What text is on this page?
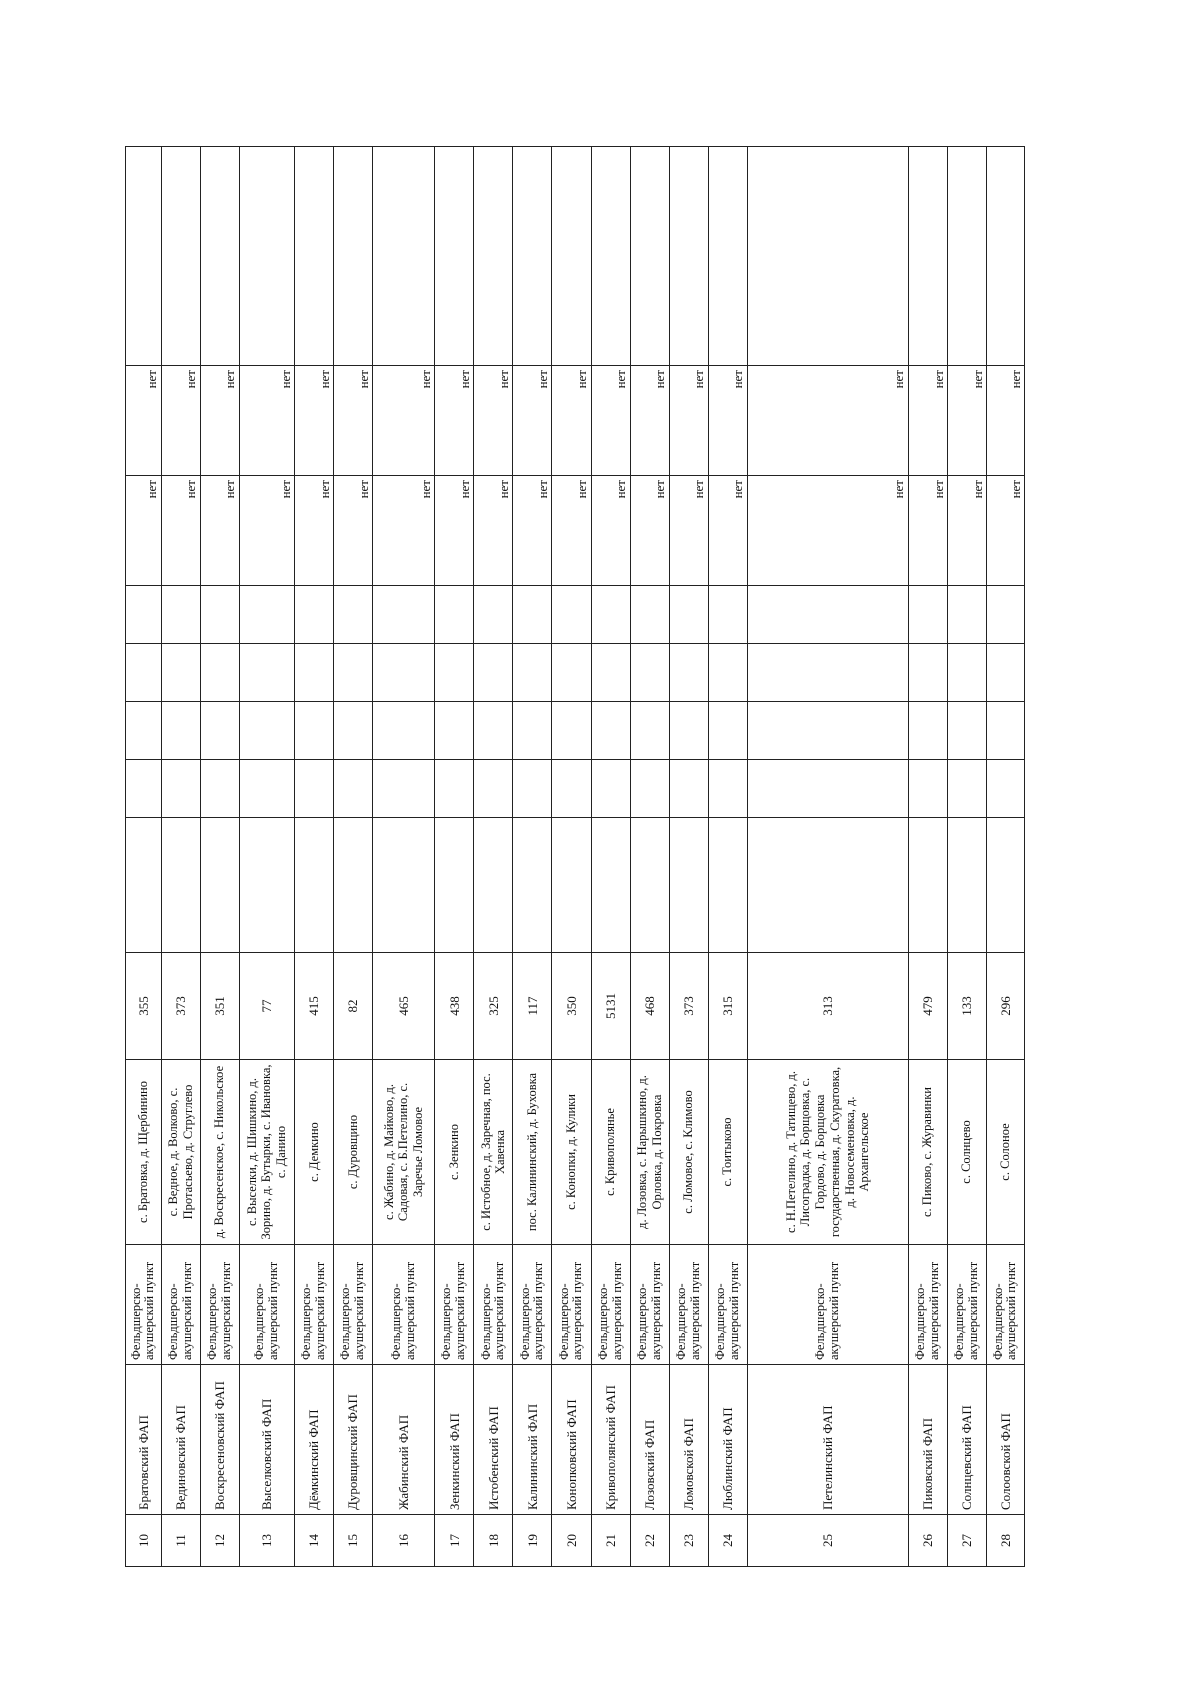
10	Братовский ФАП	Фельдшерско-акушерский пункт	с. Братовка, д. Щербинино	355						нет	нет	
11	Вединовский ФАП	Фельдшерско-акушерский пункт	с. Ведное, д. Волково, с. Протасьево, д. Струглево	373						нет	нет	
12	Воскресеновский ФАП	Фельдшерско-акушерский пункт	д. Воскресенское, с. Никольское	351						нет	нет	
13	Выселковский ФАП	Фельдшерско-акушерский пункт	с. Выселки, д. Шишкино, д. Зорино, д. Бутырки, с. Ивановка, с. Данино	77						нет	нет	
14	Дёмкинский ФАП	Фельдшерско-акушерский пункт	с. Демкино	415						нет	нет	
15	Дуровщинский ФАП	Фельдшерско-акушерский пункт	с. Дуровщино	82						нет	нет	
16	Жабинский ФАП	Фельдшерско-акушерский пункт	с. Жабино, д. Майково, д. Садовая, с. Б.Петелино, с. Заречье Ломовое	465						нет	нет	
17	Зенкинский ФАП	Фельдшерско-акушерский пункт	с. Зенкино	438						нет	нет	
18	Истобенский ФАП	Фельдшерско-акушерский пункт	с. Истобное, д. Заречная, пос. Хавенка	325						нет	нет	
19	Калининский ФАП	Фельдшерско-акушерский пункт	пос. Калининский, д. Буховка	117						нет	нет	
20	Конопковский ФАП	Фельдшерско-акушерский пункт	с. Конопки, д. Кулики	350						нет	нет	
21	Кривополянский ФАП	Фельдшерско-акушерский пункт	с. Кривополянье	5131						нет	нет	
22	Лозовский ФАП	Фельдшерско-акушерский пункт	д. Лозовка, с. Нарышкино, д. Орловка, д. Покровка	468						нет	нет	
23	Ломовской ФАП	Фельдшерско-акушерский пункт	с. Ломовое, с. Климово	373						нет	нет	
24	Люблинский ФАП	Фельдшерско-акушерский пункт	с. Тоитыково	315						нет	нет	
25	Петелинский ФАП	Фельдшерско-акушерский пункт	с. Н.Петелино, д. Татищево, д. Лисоградка, д. Борщовка, с. Гордово, д. Борщовка государственная, д. Скуратовка, д. Новосеменовка, д. Архангельское	313						нет	нет	
26	Пиковский ФАП	Фельдшерско-акушерский пункт	с. Пиково, с. Журавинки	479						нет	нет	
27	Солнцевский ФАП	Фельдшерско-акушерский пункт	с. Солнцево	133						нет	нет	
28	Солоовской ФАП	Фельдшерско-акушерский пункт	с. Солоное	296						нет	нет	
